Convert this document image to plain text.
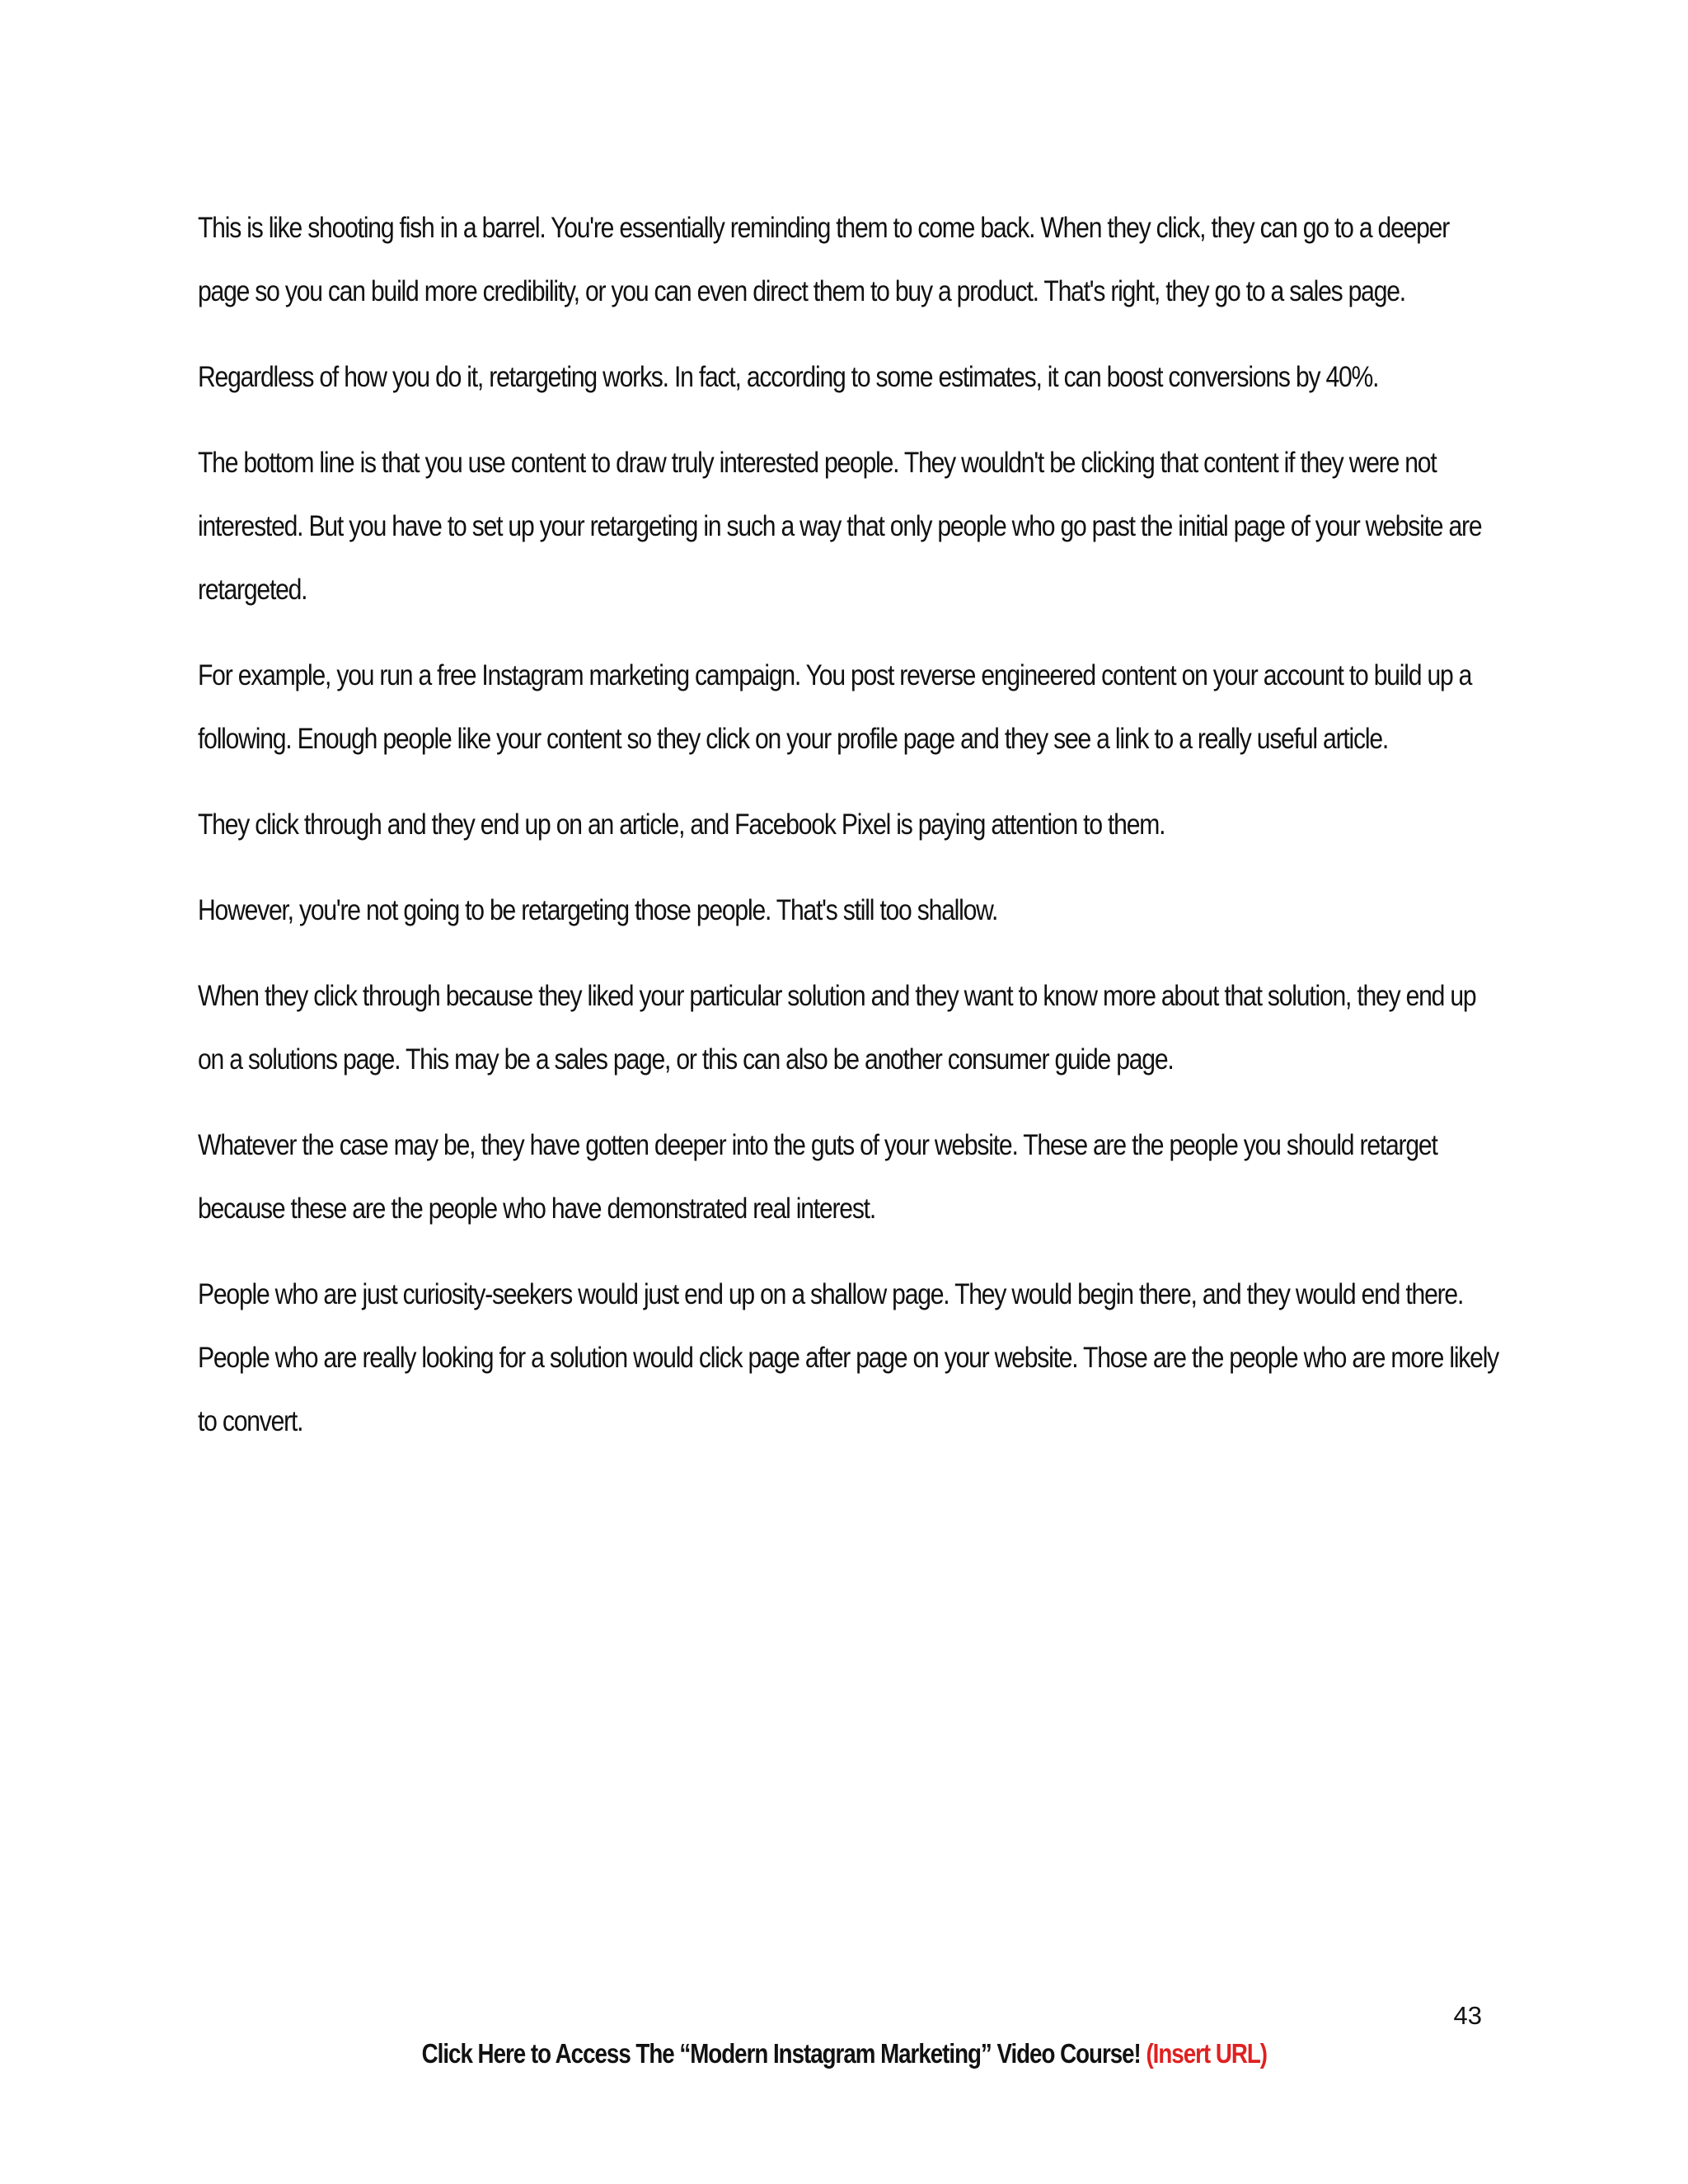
This is like shooting fish in a barrel. You're essentially reminding them to come back. When they click, they can go to a deeper page so you can build more credibility, or you can even direct them to buy a product. That's right, they go to a sales page.

Regardless of how you do it, retargeting works. In fact, according to some estimates, it can boost conversions by 40%.

The bottom line is that you use content to draw truly interested people. They wouldn't be clicking that content if they were not interested. But you have to set up your retargeting in such a way that only people who go past the initial page of your website are retargeted.

For example, you run a free Instagram marketing campaign. You post reverse engineered content on your account to build up a following. Enough people like your content so they click on your profile page and they see a link to a really useful article.

They click through and they end up on an article, and Facebook Pixel is paying attention to them.

However, you're not going to be retargeting those people. That's still too shallow.

When they click through because they liked your particular solution and they want to know more about that solution, they end up on a solutions page. This may be a sales page, or this can also be another consumer guide page.

Whatever the case may be, they have gotten deeper into the guts of your website. These are the people you should retarget because these are the people who have demonstrated real interest.

People who are just curiosity-seekers would just end up on a shallow page. They would begin there, and they would end there. People who are really looking for a solution would click page after page on your website. Those are the people who are more likely to convert.

43
Click Here to Access The “Modern Instagram Marketing” Video Course! (Insert URL)
